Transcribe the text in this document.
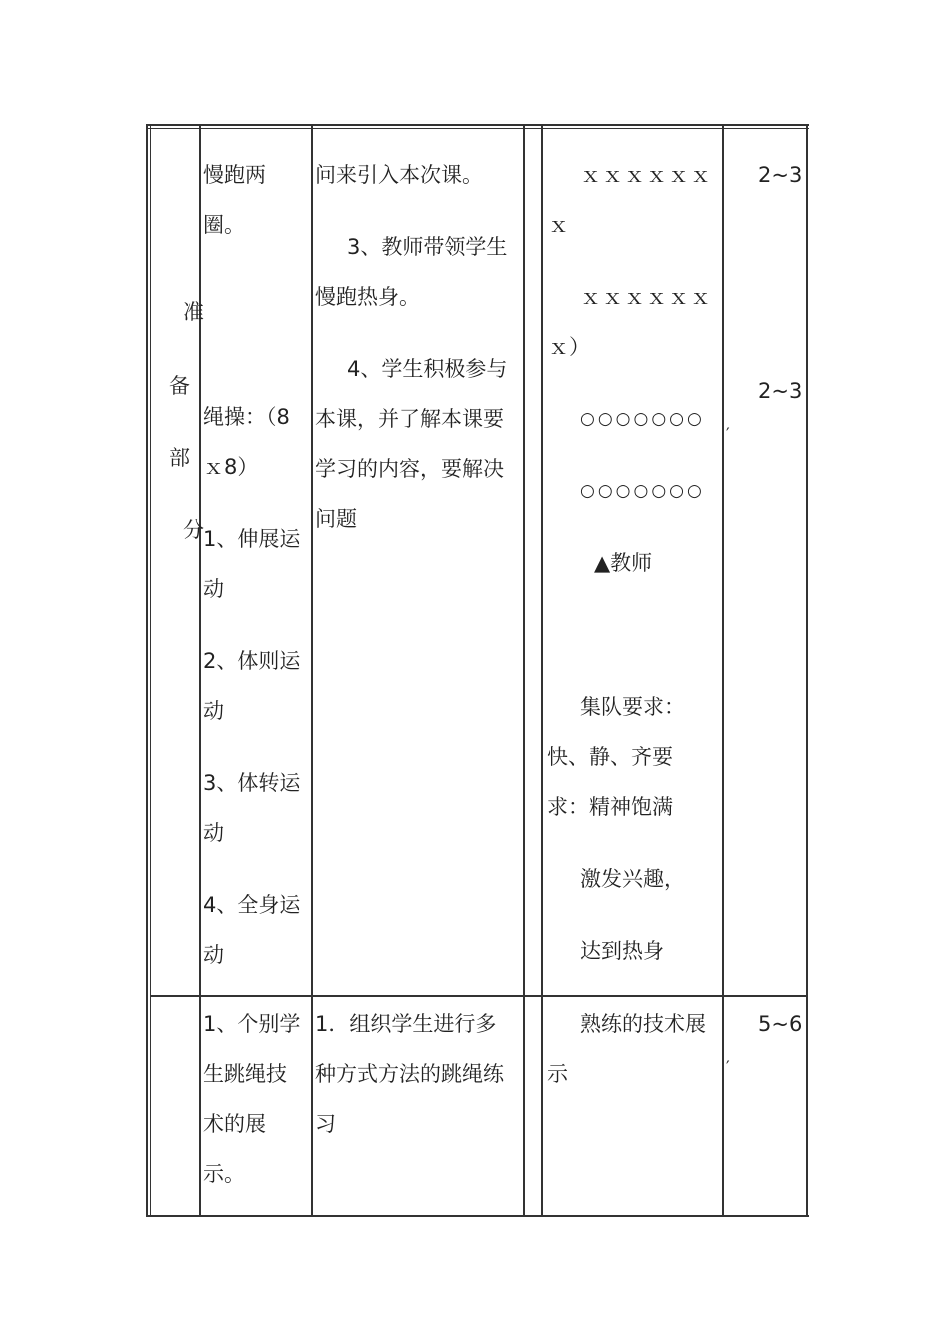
准
备
部
分
慢跑两
圈。
绳操：（8
ｘ8）
1、伸展运
动
2、体则运
动
3、体转运
动
4、全身运
动
问来引入本次课。
3、教师带领学生
慢跑热身。
4、学生积极参与
本课，并了解本课要
学习的内容，要解决
问题
ｘｘｘｘｘｘ
ｘ
ｘｘｘｘｘｘ
ｘ）
○○○○○○○
○○○○○○○
▲教师
集队要求：
快、静、齐要
求：精神饱满
激发兴趣，
达到热身
2~3
2~3
′
1、个别学
生跳绳技
术的展
示。
1．组织学生进行多
种方式方法的跳绳练
习
熟练的技术展
示
5~6
′
